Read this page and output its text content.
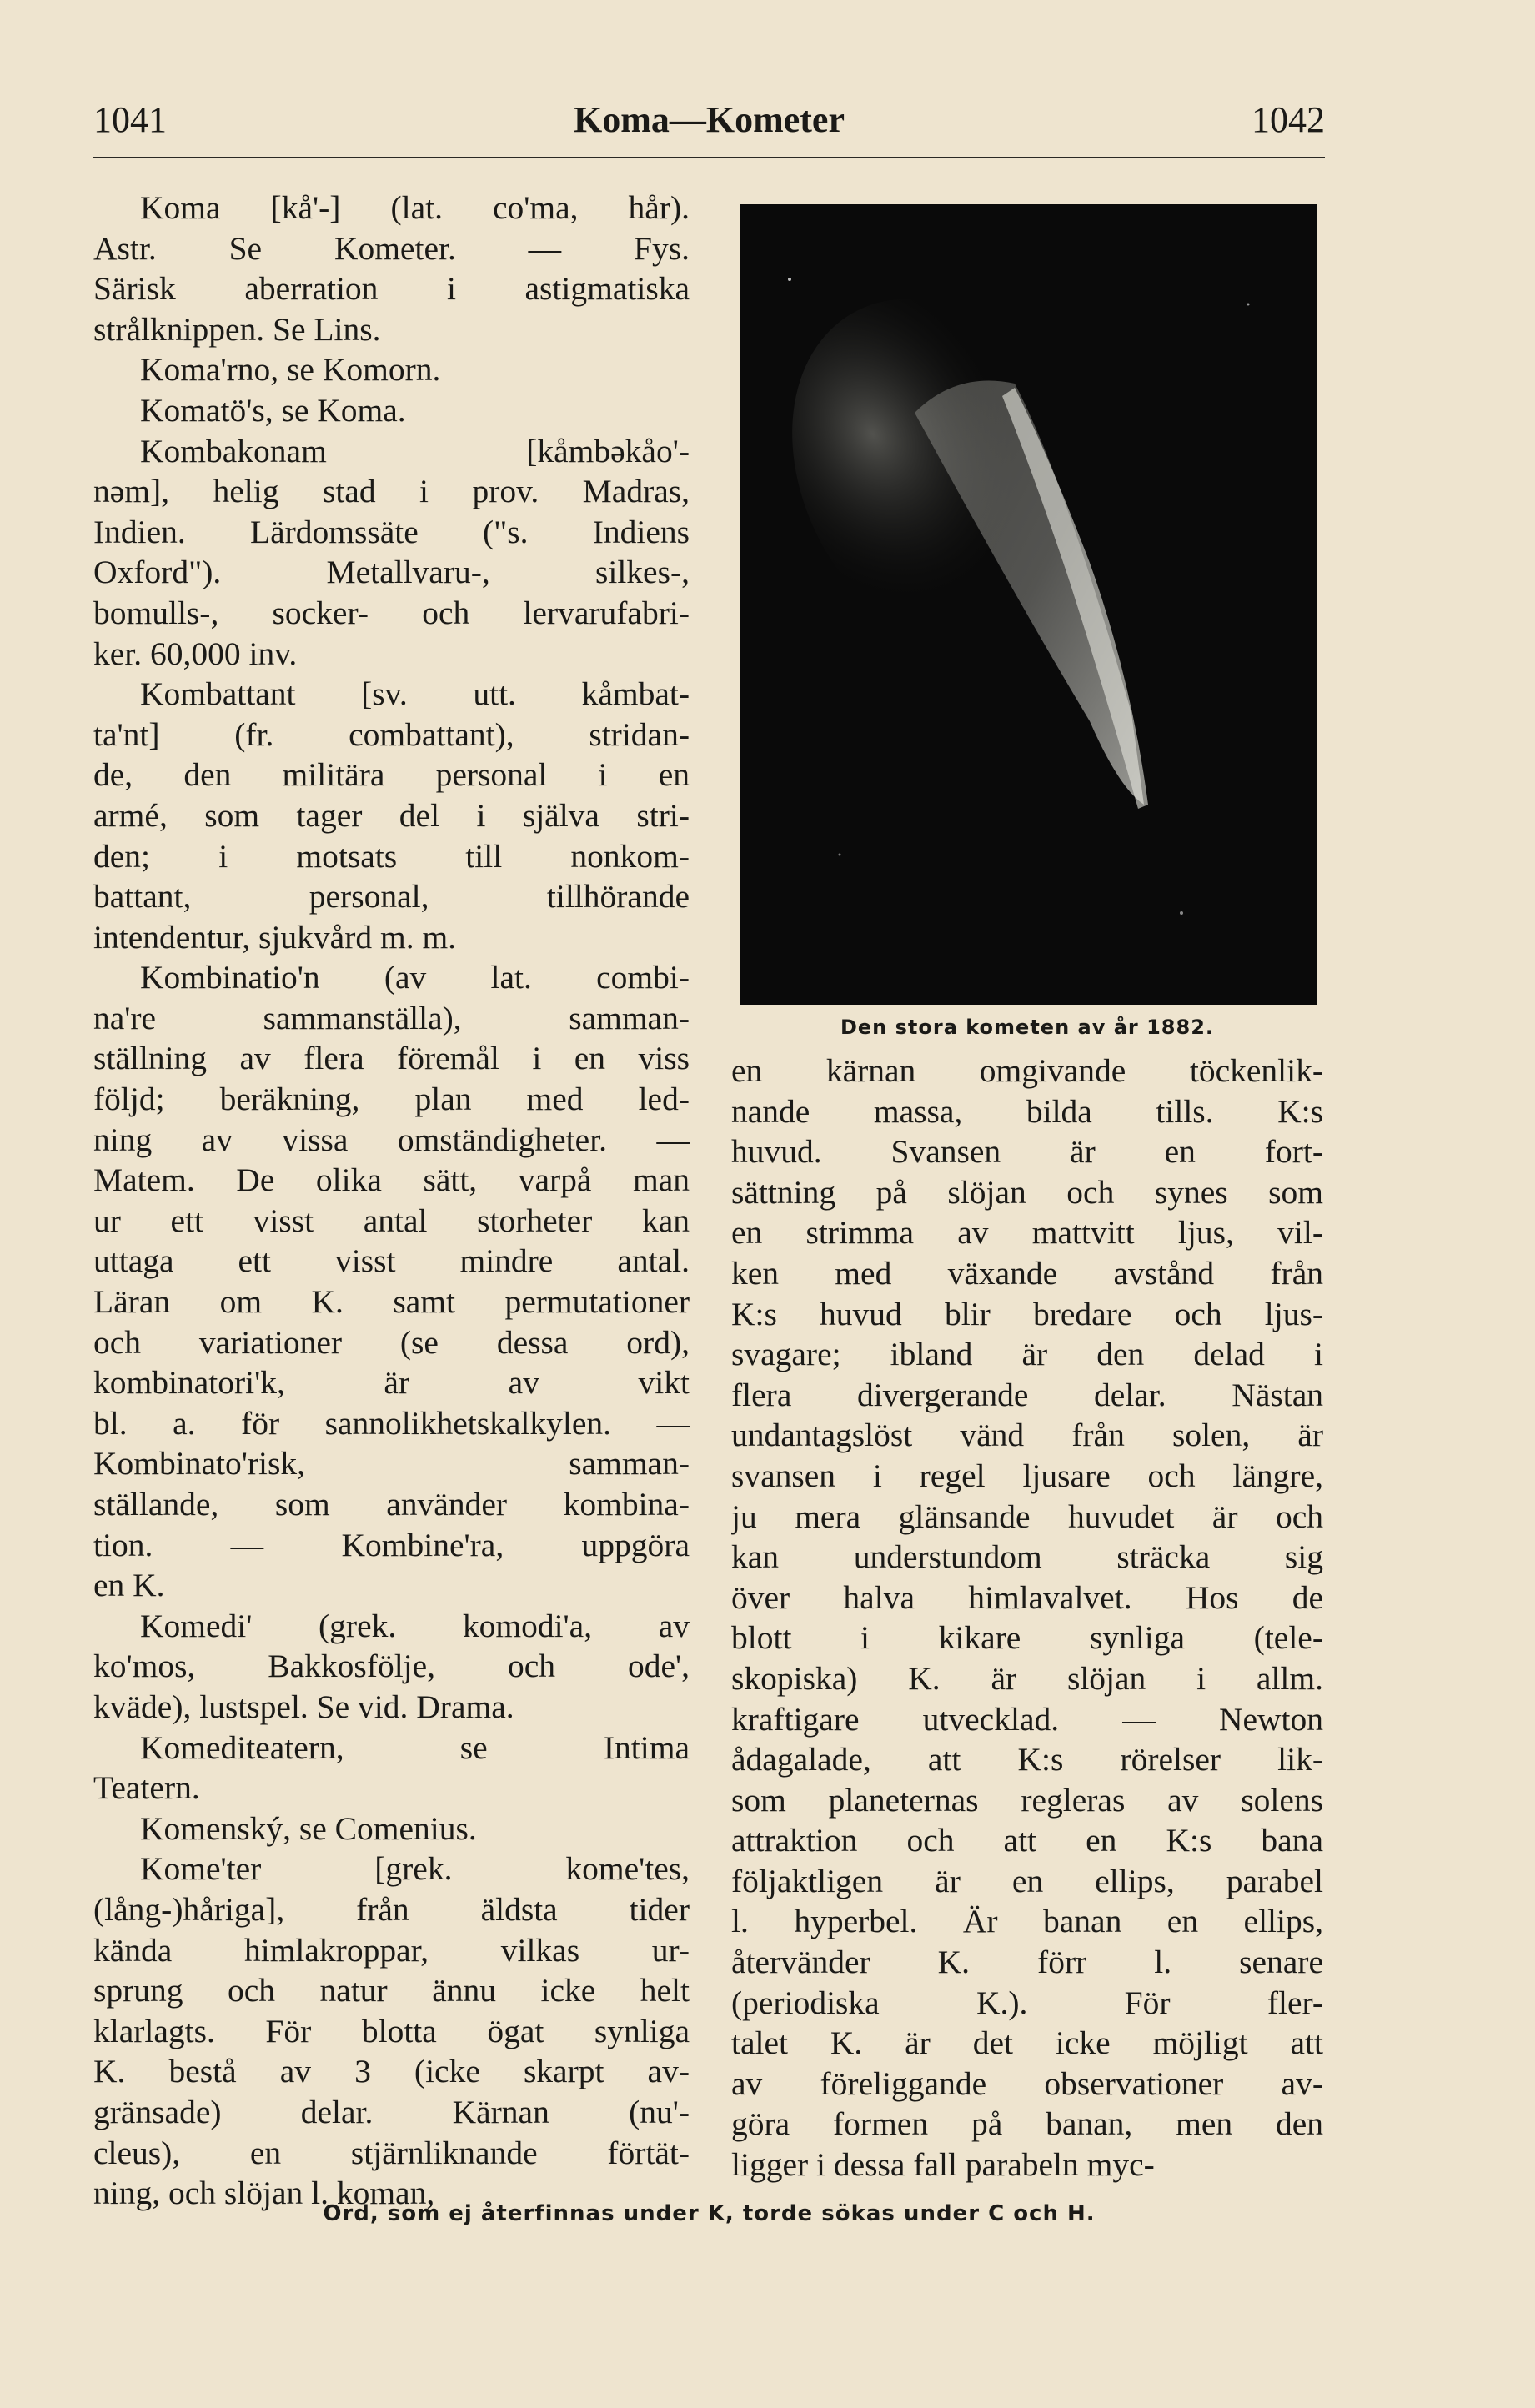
1041	Koma—Kometer	1042
Koma [kå'-] (lat. co'ma, hår).
Astr. Se Kometer. — Fys.
Särisk aberration i astigmatiska
strålknippen. Se Lins.
Koma'rno, se Komorn.
Komatö's, se Koma.
Kombakonam [kåmbəkåo'-
nəm], helig stad i prov. Madras,
Indien. Lärdomssäte ("s. Indiens
Oxford"). Metallvaru-, silkes-,
bomulls-, socker- och lervarufabri-
ker. 60,000 inv.
Kombattant [sv. utt. kåmbat-
ta'nt] (fr. combattant), stridan-
de, den militära personal i en
armé, som tager del i själva stri-
den; i motsats till nonkom-
battant, personal, tillhörande
intendentur, sjukvård m. m.
Kombinatio'n (av lat. combi-
na're sammanställa), samman-
ställning av flera föremål i en viss
följd; beräkning, plan med led-
ning av vissa omständigheter. —
Matem. De olika sätt, varpå man
ur ett visst antal storheter kan
uttaga ett visst mindre antal.
Läran om K. samt permutationer
och variationer (se dessa ord),
kombinatori'k, är av vikt
bl. a. för sannolikhetskalkylen. —
Kombinato'risk, samman-
ställande, som använder kombina-
tion. — Kombine'ra, uppgöra
en K.
Komedi' (grek. komodi'a, av
ko'mos, Bakkosfölje, och ode',
kväde), lustspel. Se vid. Drama.
Komediteatern, se Intima
Teatern.
Komenský, se Comenius.
Kome'ter [grek. kome'tes,
(lång-)håriga], från äldsta tider
kända himlakroppar, vilkas ur-
sprung och natur ännu icke helt
klarlagts. För blotta ögat synliga
K. bestå av 3 (icke skarpt av-
gränsade) delar. Kärnan (nu'-
cleus), en stjärnliknande förtät-
ning, och slöjan l. koman,
Den stora kometen av år 1882.
en kärnan omgivande töckenlik-
nande massa, bilda tills. K:s
huvud. Svansen är en fort-
sättning på slöjan och synes som
en strimma av mattvitt ljus, vil-
ken med växande avstånd från
K:s huvud blir bredare och ljus-
svagare; ibland är den delad i
flera divergerande delar. Nästan
undantagslöst vänd från solen, är
svansen i regel ljusare och längre,
ju mera glänsande huvudet är och
kan understundom sträcka sig
över halva himlavalvet. Hos de
blott i kikare synliga (tele-
skopiska) K. är slöjan i allm.
kraftigare utvecklad. — Newton
ådagalade, att K:s rörelser lik-
som planeternas regleras av solens
attraktion och att en K:s bana
följaktligen är en ellips, parabel
l. hyperbel. Är banan en ellips,
återvänder K. förr l. senare
(periodiska K.). För fler-
talet K. är det icke möjligt att
av föreliggande observationer av-
göra formen på banan, men den
ligger i dessa fall parabeln myc-
Ord, som ej återfinnas under K, torde sökas under C och H.
